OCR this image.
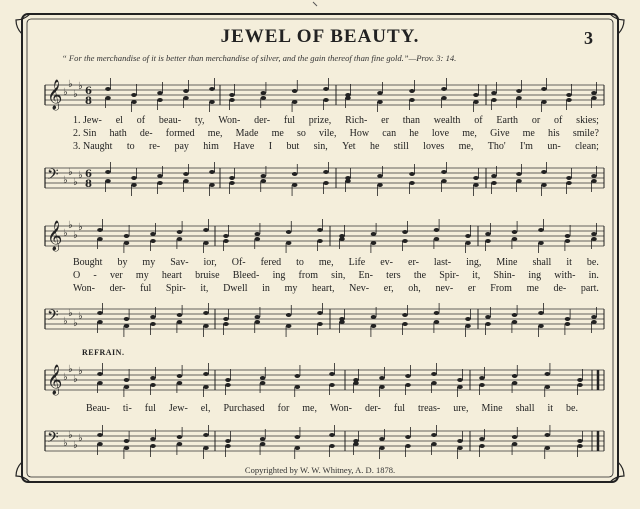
JEWEL OF BEAUTY.	3
“ For the merchandise of it is better than merchandise of silver, and the gain thereof than fine gold.”—Prov. 3: 14.
𝄞 ♭
♭
♭
♭ 6
8
𝄢 ♭
♭
♭
♭ 6
8
𝄞 ♭
♭
♭
♭
𝄢 ♭
♭
♭
♭
𝄞 ♭
♭
♭
♭
𝄢 ♭
♭
♭
♭
1. Jew- el of beau- ty, Won- der- ful prize, Rich- er than wealth of Earth or of skies;
2. Sin hath de- formed me, Made me so vile, How can he love me, Give me his smile?
3. Naught to re- pay him Have I but sin, Yet he still loves me, Tho' I'm un- clean;
Bought by my Sav- ior, Of- fered to me, Life ev- er- last- ing, Mine shall it be.
O - ver my heart bruise Bleed- ing from sin, En- ters the Spir- it, Shin- ing with- in.
Won- der- ful Spir- it, Dwell in my heart, Nev- er, oh, nev- er From me de- part.
REFRAIN.
Beau- ti- ful Jew- el, Purchased for me, Won- der- ful treas- ure, Mine shall it be.
Copyrighted by W. W. Whitney, A. D. 1878.
